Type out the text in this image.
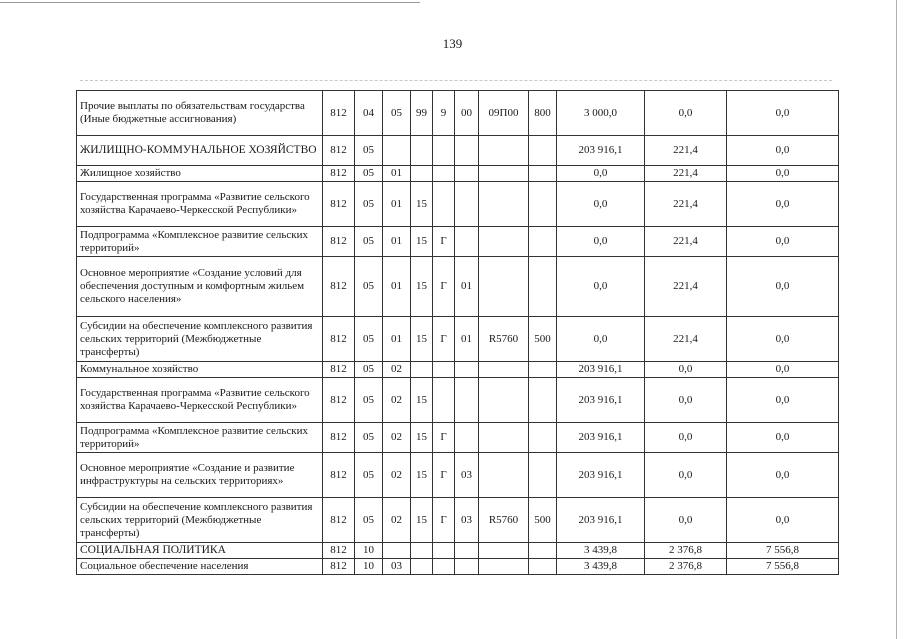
139
Прочие выплаты по обязательствам государства (Иные бюджетные ассигнования)	812	04	05	99	9	00	09П00	800	3 000,0	0,0	0,0
ЖИЛИЩНО-КОММУНАЛЬНОЕ ХОЗЯЙСТВО	812	05							203 916,1	221,4	0,0
Жилищное хозяйство	812	05	01						0,0	221,4	0,0
Государственная программа «Развитие сельского хозяйства Карачаево-Черкесской Республики»	812	05	01	15					0,0	221,4	0,0
Подпрограмма «Комплексное развитие сельских территорий»	812	05	01	15	Г				0,0	221,4	0,0
Основное мероприятие «Создание условий для обеспечения доступным и комфортным жильем сельского населения»	812	05	01	15	Г	01			0,0	221,4	0,0
Субсидии на обеспечение комплексного развития сельских территорий (Межбюджетные трансферты)	812	05	01	15	Г	01	R5760	500	0,0	221,4	0,0
Коммунальное хозяйство	812	05	02						203 916,1	0,0	0,0
Государственная программа «Развитие сельского хозяйства Карачаево-Черкесской Республики»	812	05	02	15					203 916,1	0,0	0,0
Подпрограмма «Комплексное развитие сельских территорий»	812	05	02	15	Г				203 916,1	0,0	0,0
Основное мероприятие «Создание и развитие инфраструктуры на сельских территориях»	812	05	02	15	Г	03			203 916,1	0,0	0,0
Субсидии на обеспечение комплексного развития сельских территорий (Межбюджетные трансферты)	812	05	02	15	Г	03	R5760	500	203 916,1	0,0	0,0
СОЦИАЛЬНАЯ ПОЛИТИКА	812	10							3 439,8	2 376,8	7 556,8
Социальное обеспечение населения	812	10	03						3 439,8	2 376,8	7 556,8
